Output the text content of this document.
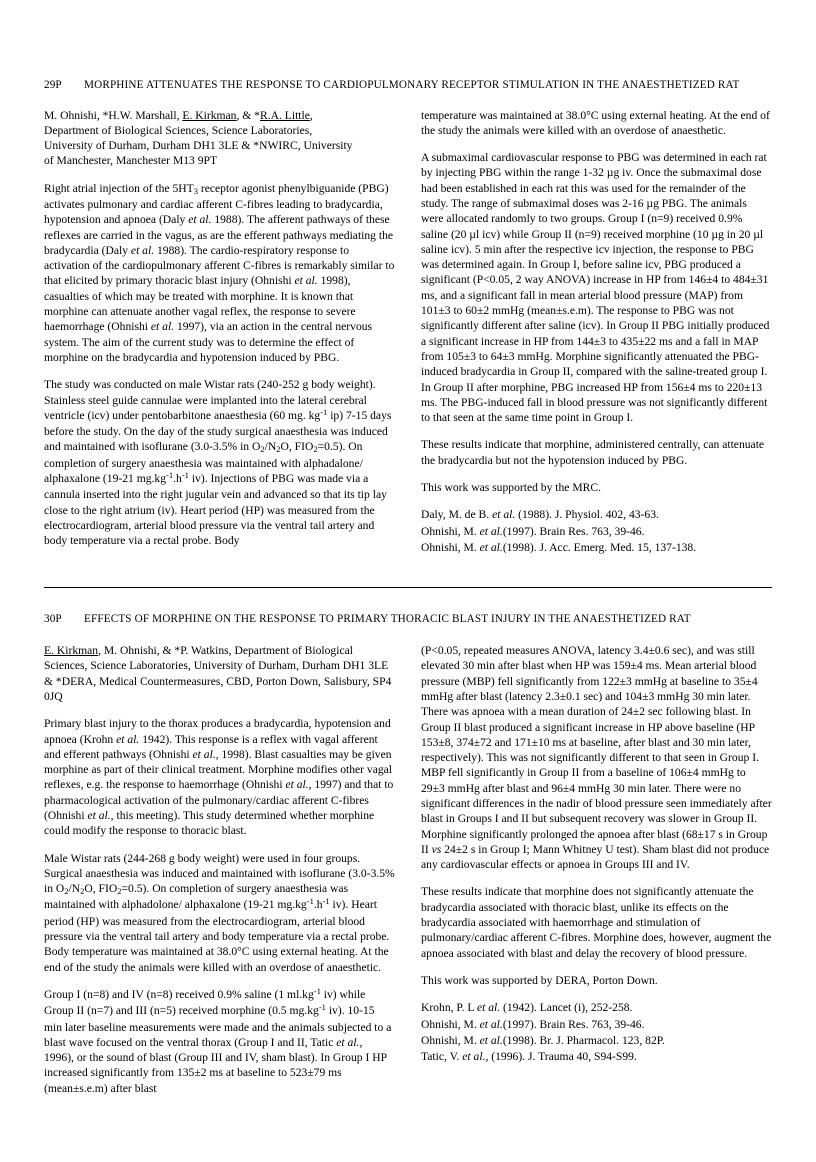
29P	MORPHINE ATTENUATES THE RESPONSE TO CARDIOPULMONARY RECEPTOR STIMULATION IN THE ANAESTHETIZED RAT

M. Ohnishi, *H.W. Marshall, E. Kirkman, & *R.A. Little,
Department of Biological Sciences, Science Laboratories,
University of Durham, Durham DH1 3LE & *NWIRC, University
of Manchester, Manchester M13 9PT

Right atrial injection of the $5HT_3$ receptor agonist phenylbiguanide (PBG) activates pulmonary and cardiac afferent C-fibres leading to bradycardia, hypotension and apnoea (Daly et al. 1988). The afferent pathways of these reflexes are carried in the vagus, as are the efferent pathways mediating the bradycardia (Daly et al. 1988). The cardio-respiratory response to activation of the cardiopulmonary afferent C-fibres is remarkably similar to that elicited by primary thoracic blast injury (Ohnishi et al. 1998), casualties of which may be treated with morphine. It is known that morphine can attenuate another vagal reflex, the response to severe haemorrhage (Ohnishi et al. 1997), via an action in the central nervous system. The aim of the current study was to determine the effect of morphine on the bradycardia and hypotension induced by PBG.

The study was conducted on male Wistar rats (240-252 g body weight). Stainless steel guide cannulae were implanted into the lateral cerebral ventricle (icv) under pentobarbitone anaesthesia (60 mg. $kg^{-1}$ ip) 7-15 days before the study. On the day of the study surgical anaesthesia was induced and maintained with isoflurane (3.0-3.5% in $O_2/N_2O$, $FIO_2=0.5$). On completion of surgery anaesthesia was maintained with alphadalone/ alphaxalone (19-21 $mg.kg^{-1}.h^{-1}$ iv). Injections of PBG was made via a cannula inserted into the right jugular vein and advanced so that its tip lay close to the right atrium (iv). Heart period (HP) was measured from the electrocardiogram, arterial blood pressure via the ventral tail artery and body temperature via a rectal probe. Body

temperature was maintained at 38.0°C using external heating. At the end of the study the animals were killed with an overdose of anaesthetic.

A submaximal cardiovascular response to PBG was determined in each rat by injecting PBG within the range 1-32 µg iv. Once the submaximal dose had been established in each rat this was used for the remainder of the study. The range of submaximal doses was 2-16 µg PBG. The animals were allocated randomly to two groups. Group I (n=9) received 0.9% saline (20 µl icv) while Group II (n=9) received morphine (10 µg in 20 µl saline icv). 5 min after the respective icv injection, the response to PBG was determined again. In Group I, before saline icv, PBG produced a significant (P<0.05, 2 way ANOVA) increase in HP from 146±4 to 484±31 ms, and a significant fall in mean arterial blood pressure (MAP) from 101±3 to 60±2 mmHg (mean±s.e.m). The response to PBG was not significantly different after saline (icv). In Group II PBG initially produced a significant increase in HP from 144±3 to 435±22 ms and a fall in MAP from 105±3 to 64±3 mmHg. Morphine significantly attenuated the PBG-induced bradycardia in Group II, compared with the saline-treated group I. In Group II after morphine, PBG increased HP from 156±4 ms to 220±13 ms. The PBG-induced fall in blood pressure was not significantly different to that seen at the same time point in Group I.

These results indicate that morphine, administered centrally, can attenuate the bradycardia but not the hypotension induced by PBG.

This work was supported by the MRC.

Daly, M. de B. et al. (1988). J. Physiol. 402, 43-63.

Ohnishi, M. et al.(1997). Brain Res. 763, 39-46.

Ohnishi, M. et al.(1998). J. Acc. Emerg. Med. 15, 137-138.

30P	EFFECTS OF MORPHINE ON THE RESPONSE TO PRIMARY THORACIC BLAST INJURY IN THE ANAESTHETIZED RAT

E. Kirkman, M. Ohnishi, & *P. Watkins, Department of Biological Sciences, Science Laboratories, University of Durham, Durham DH1 3LE & *DERA, Medical Countermeasures, CBD, Porton Down, Salisbury, SP4 0JQ

Primary blast injury to the thorax produces a bradycardia, hypotension and apnoea (Krohn et al. 1942). This response is a reflex with vagal afferent and efferent pathways (Ohnishi et al., 1998). Blast casualties may be given morphine as part of their clinical treatment. Morphine modifies other vagal reflexes, e.g. the response to haemorrhage (Ohnishi et al., 1997) and that to pharmacological activation of the pulmonary/cardiac afferent C-fibres (Ohnishi et al., this meeting). This study determined whether morphine could modify the response to thoracic blast.

Male Wistar rats (244-268 g body weight) were used in four groups. Surgical anaesthesia was induced and maintained with isoflurane (3.0-3.5% in $O_2/N_2O$, $FIO_2=0.5$). On completion of surgery anaesthesia was maintained with alphadolone/ alphaxalone (19-21 $mg.kg^{-1}.h^{-1}$ iv). Heart period (HP) was measured from the electrocardiogram, arterial blood pressure via the ventral tail artery and body temperature via a rectal probe. Body temperature was maintained at 38.0°C using external heating. At the end of the study the animals were killed with an overdose of anaesthetic.

Group I (n=8) and IV (n=8) received 0.9% saline (1 $ml.kg^{-1}$ iv) while Group II (n=7) and III (n=5) received morphine (0.5 $mg.kg^{-1}$ iv). 10-15 min later baseline measurements were made and the animals subjected to a blast wave focused on the ventral thorax (Group I and II, Tatic et al., 1996), or the sound of blast (Group III and IV, sham blast). In Group I HP increased significantly from 135±2 ms at baseline to 523±79 ms (mean±s.e.m) after blast

(P<0.05, repeated measures ANOVA, latency 3.4±0.6 sec), and was still elevated 30 min after blast when HP was 159±4 ms. Mean arterial blood pressure (MBP) fell significantly from 122±3 mmHg at baseline to 35±4 mmHg after blast (latency 2.3±0.1 sec) and 104±3 mmHg 30 min later. There was apnoea with a mean duration of 24±2 sec following blast. In Group II blast produced a significant increase in HP above baseline (HP 153±8, 374±72 and 171±10 ms at baseline, after blast and 30 min later, respectively). This was not significantly different to that seen in Group I. MBP fell significantly in Group II from a baseline of 106±4 mmHg to 29±3 mmHg after blast and 96±4 mmHg 30 min later. There were no significant differences in the nadir of blood pressure seen immediately after blast in Groups I and II but subsequent recovery was slower in Group II. Morphine significantly prolonged the apnoea after blast (68±17 s in Group II vs 24±2 s in Group I; Mann Whitney U test). Sham blast did not produce any cardiovascular effects or apnoea in Groups III and IV.

These results indicate that morphine does not significantly attenuate the bradycardia associated with thoracic blast, unlike its effects on the bradycardia associated with haemorrhage and stimulation of pulmonary/cardiac afferent C-fibres. Morphine does, however, augment the apnoea associated with blast and delay the recovery of blood pressure.

This work was supported by DERA, Porton Down.

Krohn, P. L et al. (1942). Lancet (i), 252-258.

Ohnishi, M. et al.(1997). Brain Res. 763, 39-46.

Ohnishi, M. et al.(1998). Br. J. Pharmacol. 123, 82P.

Tatic, V. et al., (1996). J. Trauma 40, S94-S99.
